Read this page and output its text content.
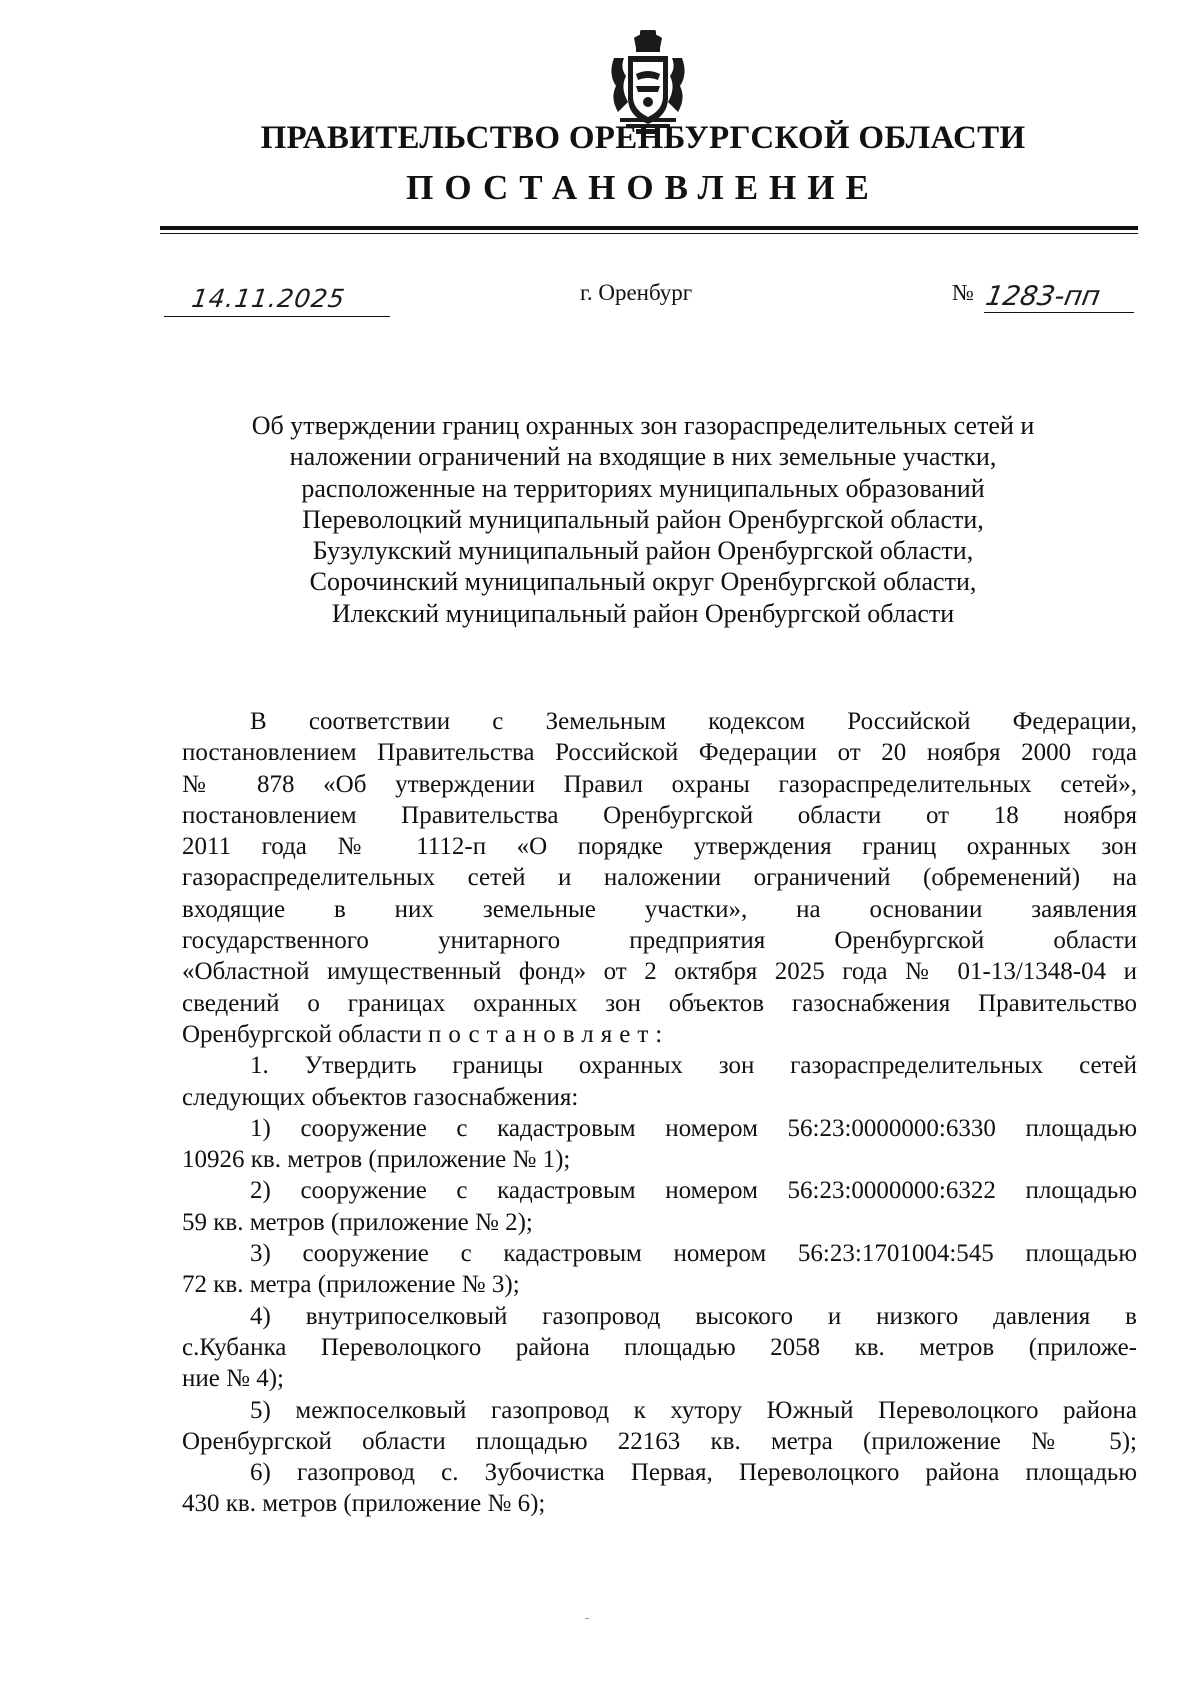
ПРАВИТЕЛЬСТВО ОРЕНБУРГСКОЙ ОБЛАСТИ
ПОСТАНОВЛЕНИЕ
14.11.2025	г. Оренбург	№ 1283-пп
Об утверждении границ охранных зон газораспределительных сетей и
наложении ограничений на входящие в них земельные участки,
расположенные на территориях муниципальных образований
Переволоцкий муниципальный район Оренбургской области,
Бузулукский муниципальный район Оренбургской области,
Сорочинский муниципальный округ Оренбургской области,
Илекский муниципальный район Оренбургской области
В соответствии с Земельным кодексом Российской Федерации,
постановлением Правительства Российской Федерации от 20 ноября 2000 года
№ 878 «Об утверждении Правил охраны газораспределительных сетей»,
постановлением Правительства Оренбургской области от 18 ноября
2011 года № 1112-п «О порядке утверждения границ охранных зон
газораспределительных сетей и наложении ограничений (обременений) на
входящие в них земельные участки», на основании заявления
государственного унитарного предприятия Оренбургской области
«Областной имущественный фонд» от 2 октября 2025 года № 01-13/1348-04 и
сведений о границах охранных зон объектов газоснабжения Правительство
Оренбургской области постановляет:
1. Утвердить границы охранных зон газораспределительных сетей
следующих объектов газоснабжения:
1) сооружение с кадастровым номером 56:23:0000000:6330 площадью
10926 кв. метров (приложение № 1);
2) сооружение с кадастровым номером 56:23:0000000:6322 площадью
59 кв. метров (приложение № 2);
3) сооружение с кадастровым номером 56:23:1701004:545 площадью
72 кв. метра (приложение № 3);
4) внутрипоселковый газопровод высокого и низкого давления в
с.Кубанка Переволоцкого района площадью 2058 кв. метров (приложе-
ние № 4);
5) межпоселковый газопровод к хутору Южный Переволоцкого района
Оренбургской области площадью 22163 кв. метра (приложение № 5);
6) газопровод с. Зубочистка Первая, Переволоцкого района площадью
430 кв. метров (приложение № 6);
